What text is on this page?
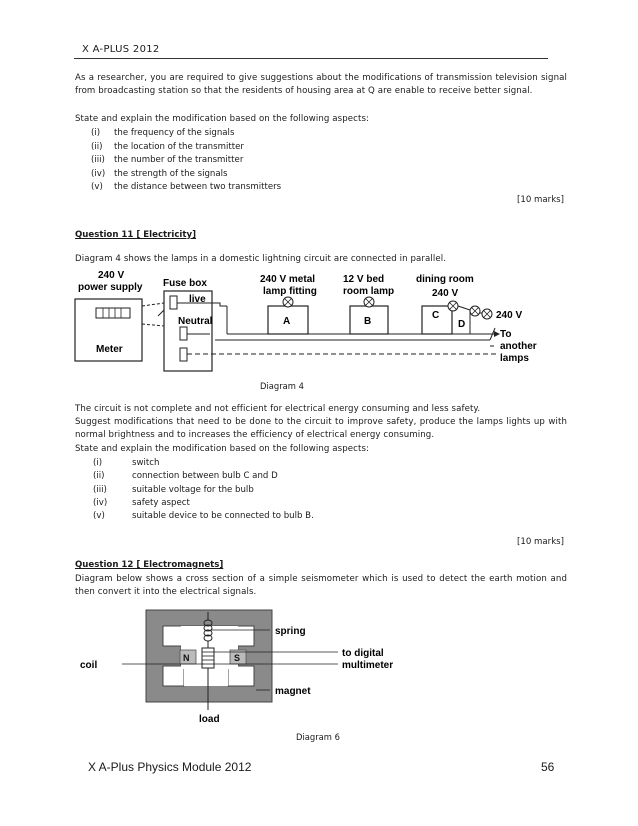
X A-PLUS 2012
As a researcher, you are required to give suggestions about the modifications of transmission television signal from broadcasting station so that the residents of housing area at Q are enable to receive better signal.
State and explain the modification based on the following aspects:
(i) the frequency of the signals
(ii) the location of the transmitter
(iii) the number of the transmitter
(iv) the strength of the signals
(v) the distance between two transmitters
[10 marks]
Question 11 [ Electricity]
Diagram 4 shows the lamps in a domestic lightning circuit are connected in parallel.
240 V
power supply Fuse box	240 V metal
lamp fitting
12 V bed
room lamp
dining room
240 V
Meter
live
Neutral	A	B
C
D
240 V
To
another
lamps
Diagram 4
The circuit is not complete and not efficient for electrical energy consuming and less safety.
Suggest modifications that need to be done to the circuit to improve safety, produce the lamps lights up with normal brightness and to increases the efficiency of electrical energy consuming.
State and explain the modification based on the following aspects:
(i)	switch
(ii)	connection between bulb C and D
(iii)	suitable voltage for the bulb
(iv)	safety aspect
(v)	suitable device to be connected to bulb B.
[10 marks]
Question 12 [ Electromagnets]
Diagram below shows a cross section of a simple seismometer which is used to detect the earth motion and then convert it into the electrical signals.
N	S
spring
coil
to digital
multimeter
magnet
load
Diagram 6
X A-Plus Physics Module 2012	56
